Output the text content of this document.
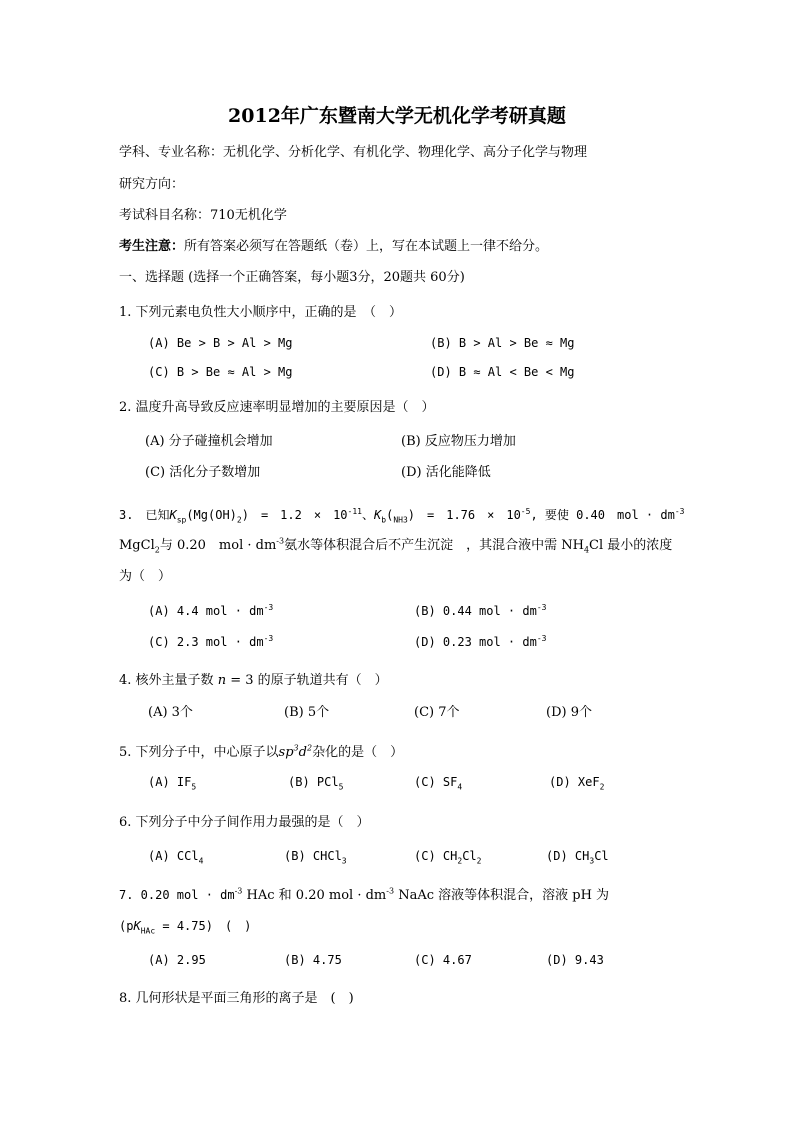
2012年广东暨南大学无机化学考研真题
学科、专业名称：无机化学、分析化学、有机化学、物理化学、高分子化学与物理
研究方向：
考试科目名称：710无机化学
考生注意：所有答案必须写在答题纸（卷）上，写在本试题上一律不给分。
一、选择题 (选择一个正确答案，每小题3分，20题共 60分)
1. 下列元素电负性大小顺序中，正确的是　（　）
(A) Be > B > Al > Mg	(B) B > Al > Be ≈ Mg
(C) B > Be ≈ Al > Mg	(D) B ≈ Al < Be < Mg
2. 温度升高导致反应速率明显增加的主要原因是（　）
(A) 分子碰撞机会增加	(B) 反应物压力增加
(C) 活化分子数增加	(D) 活化能降低
3.　已知$K_{sp}(Mg(OH)_2)$　=　1.2　×　$10^{-11}$、$K_b(_{NH3})$　=　1.76　×　$10^{-5}$, 要使 0.40　mol · $dm^{-3}$
MgCl$_2$与 0.20　mol · $dm^{-3}$氨水等体积混合后不产生沉淀　，其混合液中需 $NH_4Cl$ 最小的浓度
为（　）
(A) 4.4 mol · $dm^{-3}$	(B) 0.44 mol · $dm^{-3}$
(C) 2.3 mol · $dm^{-3}$	(D) 0.23 mol · $dm^{-3}$
4. 核外主量子数 n = 3 的原子轨道共有（　）
(A) 3个	(B) 5个	(C) 7个	(D) 9个
5. 下列分子中，中心原子以$sp^3d^2$杂化的是（　）
(A) $IF_5$	(B) PCl$_5$	(C) $SF_4$	(D) XeF$_2$
6. 下列分子中分子间作用力最强的是（　）
(A) CCl$_4$	(B) CHCl$_3$	(C) $CH_2Cl_2$	(D) $CH_3Cl$
7. 0.20 mol · $dm^{-3}$ HAc 和 0.20 mol · $dm^{-3}$ NaAc 溶液等体积混合，溶液 pH 为
$(pK_{HAc} = 4.75)$　(　)
(A) 2.95	(B) 4.75	(C) 4.67	(D) 9.43
8. 几何形状是平面三角形的离子是　(　)
